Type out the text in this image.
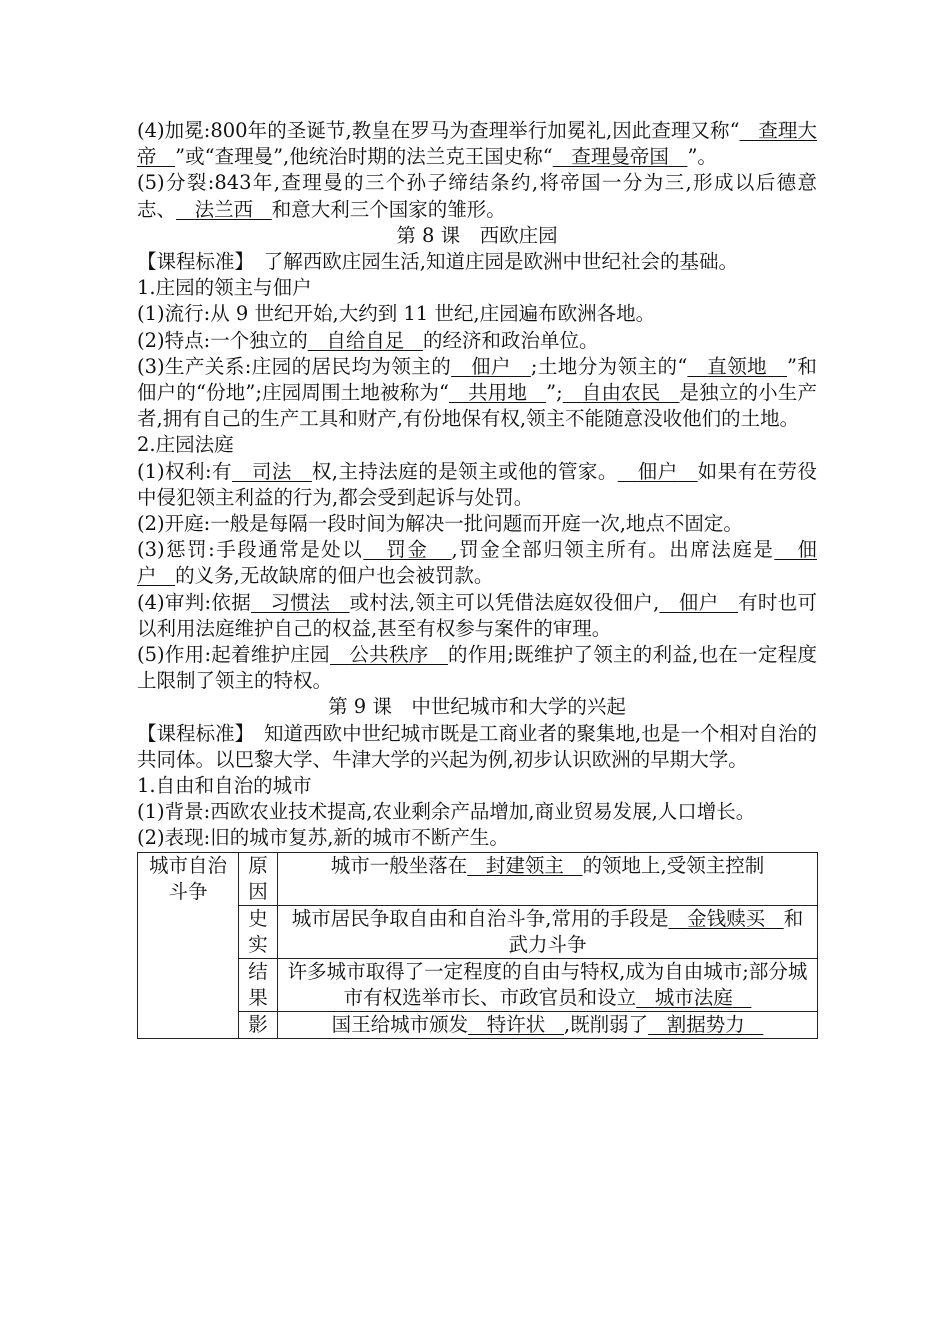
(4)加冕:800年的圣诞节,教皇在罗马为查理举行加冕礼,因此查理又称“ 查理大帝 ”或“查理曼”,他统治时期的法兰克王国史称“ 查理曼帝国 ”。

(5)分裂:843年,查理曼的三个孙子缔结条约,将帝国一分为三,形成以后德意志、 法兰西 和意大利三个国家的雏形。

第 8 课　西欧庄园

【课程标准】　了解西欧庄园生活,知道庄园是欧洲中世纪社会的基础。

1.庄园的领主与佃户

(1)流行:从 9 世纪开始,大约到 11 世纪,庄园遍布欧洲各地。

(2)特点:一个独立的 自给自足 的经济和政治单位。

(3)生产关系:庄园的居民均为领主的 佃户 ;土地分为领主的“ 直领地 ”和佃户的“份地”;庄园周围土地被称为“ 共用地 ”; 自由农民 是独立的小生产者,拥有自己的生产工具和财产,有份地保有权,领主不能随意没收他们的土地。

2.庄园法庭

(1)权利:有 司法 权,主持法庭的是领主或他的管家。 佃户 如果有在劳役中侵犯领主利益的行为,都会受到起诉与处罚。

(2)开庭:一般是每隔一段时间为解决一批问题而开庭一次,地点不固定。

(3)惩罚:手段通常是处以 罚金 ,罚金全部归领主所有。出席法庭是 佃户 的义务,无故缺席的佃户也会被罚款。

(4)审判:依据 习惯法 或村法,领主可以凭借法庭奴役佃户, 佃户 有时也可以利用法庭维护自己的权益,甚至有权参与案件的审理。

(5)作用:起着维护庄园 公共秩序 的作用;既维护了领主的利益,也在一定程度上限制了领主的特权。

第 9 课　中世纪城市和大学的兴起

【课程标准】　知道西欧中世纪城市既是工商业者的聚集地,也是一个相对自治的共同体。以巴黎大学、牛津大学的兴起为例,初步认识欧洲的早期大学。

1.自由和自治的城市

(1)背景:西欧农业技术提高,农业剩余产品增加,商业贸易发展,人口增长。

(2)表现:旧的城市复苏,新的城市不断产生。

城市自治斗争	原因	城市一般坐落在 封建领主 的领地上,受领主控制
	史实	城市居民争取自由和自治斗争,常用的手段是 金钱赎买 和武力斗争
	结果	许多城市取得了一定程度的自由与特权,成为自由城市;部分城市有权选举市长、市政官员和设立 城市法庭
	影	国王给城市颁发 特许状 ,既削弱了 割据势力
